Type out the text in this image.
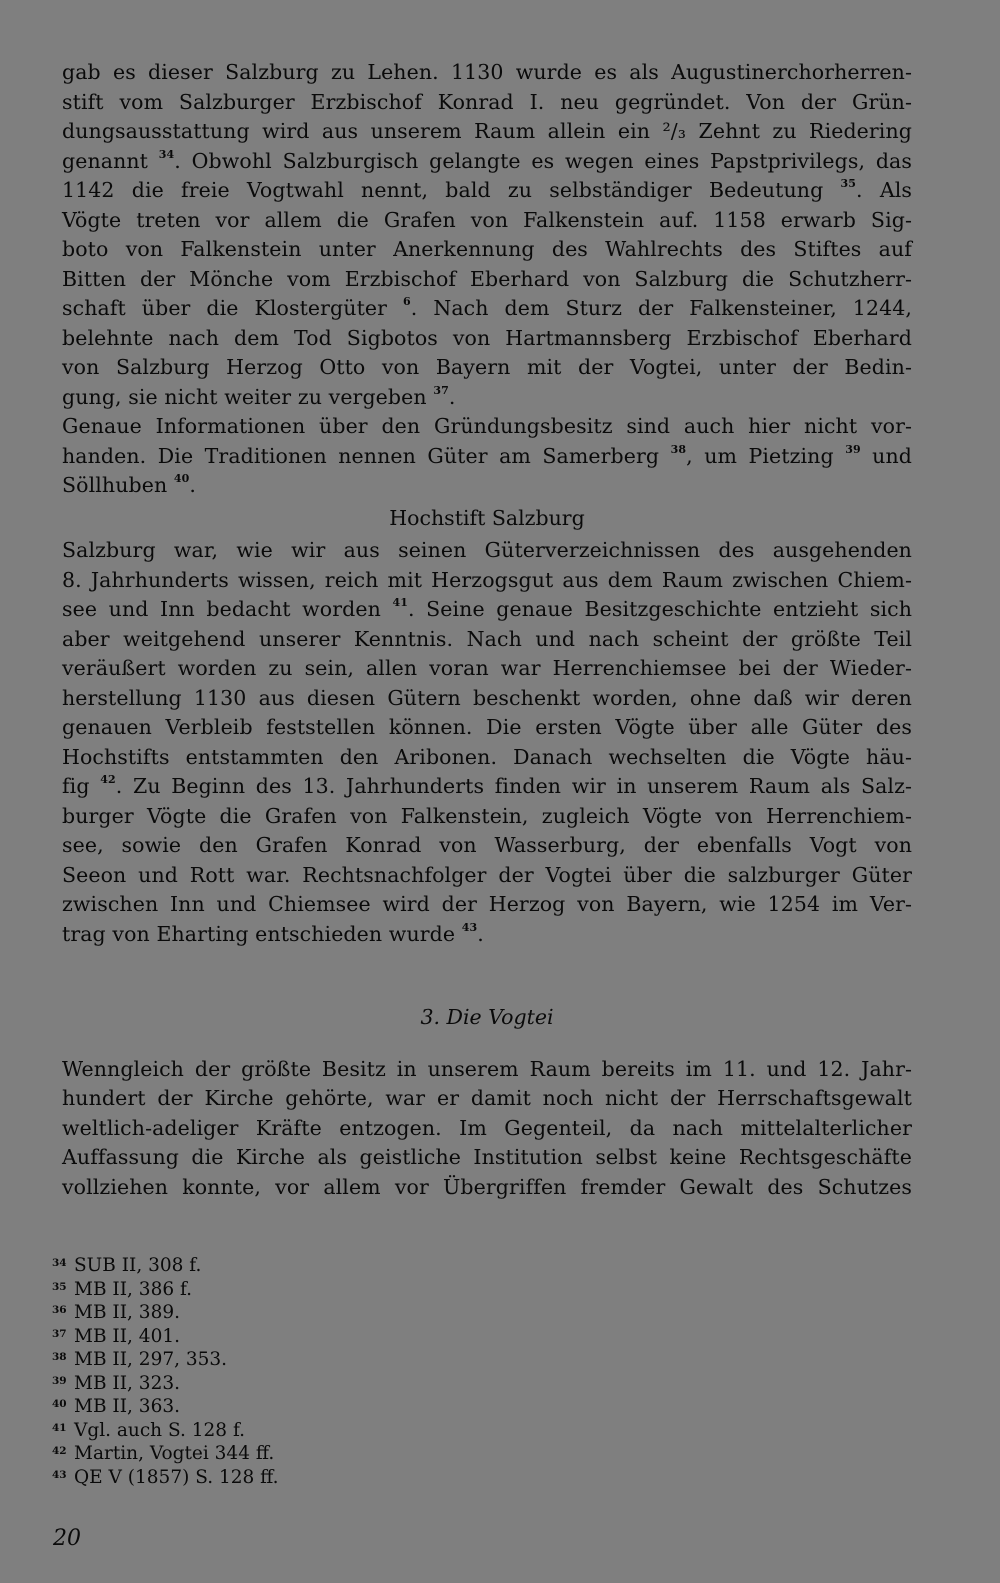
gab es dieser Salzburg zu Lehen. 1130 wurde es als Augustinerchorherren-

stift vom Salzburger Erzbischof Konrad I. neu gegründet. Von der Grün-

dungsausstattung wird aus unserem Raum allein ein ²/₃ Zehnt zu Riedering

genannt $^{34}$. Obwohl Salzburgisch gelangte es wegen eines Papstprivilegs, das

1142 die freie Vogtwahl nennt, bald zu selbständiger Bedeutung $^{35}$. Als

Vögte treten vor allem die Grafen von Falkenstein auf. 1158 erwarb Sig-

boto von Falkenstein unter Anerkennung des Wahlrechts des Stiftes auf

Bitten der Mönche vom Erzbischof Eberhard von Salzburg die Schutzherr-

schaft über die Klostergüter $^6$. Nach dem Sturz der Falkensteiner, 1244,

belehnte nach dem Tod Sigbotos von Hartmannsberg Erzbischof Eberhard

von Salzburg Herzog Otto von Bayern mit der Vogtei, unter der Bedin-

gung, sie nicht weiter zu vergeben $^{37}$.

Genaue Informationen über den Gründungsbesitz sind auch hier nicht vor-

handen. Die Traditionen nennen Güter am Samerberg $^{38}$, um Pietzing $^{39}$ und

Söllhuben $^{40}$.

Hochstift Salzburg

Salzburg war, wie wir aus seinen Güterverzeichnissen des ausgehenden

8. Jahrhunderts wissen, reich mit Herzogsgut aus dem Raum zwischen Chiem-

see und Inn bedacht worden $^{41}$. Seine genaue Besitzgeschichte entzieht sich

aber weitgehend unserer Kenntnis. Nach und nach scheint der größte Teil

veräußert worden zu sein, allen voran war Herrenchiemsee bei der Wieder-

herstellung 1130 aus diesen Gütern beschenkt worden, ohne daß wir deren

genauen Verbleib feststellen können. Die ersten Vögte über alle Güter des

Hochstifts entstammten den Aribonen. Danach wechselten die Vögte häu-

fig $^{42}$. Zu Beginn des 13. Jahrhunderts finden wir in unserem Raum als Salz-

burger Vögte die Grafen von Falkenstein, zugleich Vögte von Herrenchiem-

see, sowie den Grafen Konrad von Wasserburg, der ebenfalls Vogt von

Seeon und Rott war. Rechtsnachfolger der Vogtei über die salzburger Güter

zwischen Inn und Chiemsee wird der Herzog von Bayern, wie 1254 im Ver-

trag von Eharting entschieden wurde $^{43}$.

3. Die Vogtei

Wenngleich der größte Besitz in unserem Raum bereits im 11. und 12. Jahr-

hundert der Kirche gehörte, war er damit noch nicht der Herrschaftsgewalt

weltlich-adeliger Kräfte entzogen. Im Gegenteil, da nach mittelalterlicher

Auffassung die Kirche als geistliche Institution selbst keine Rechtsgeschäfte

vollziehen konnte, vor allem vor Übergriffen fremder Gewalt des Schutzes

34 SUB II, 308 f.
35 MB II, 386 f.
36 MB II, 389.
37 MB II, 401.
38 MB II, 297, 353.
39 MB II, 323.
40 MB II, 363.
41 Vgl. auch S. 128 f.
42 Martin, Vogtei 344 ff.
43 QE V (1857) S. 128 ff.
20
